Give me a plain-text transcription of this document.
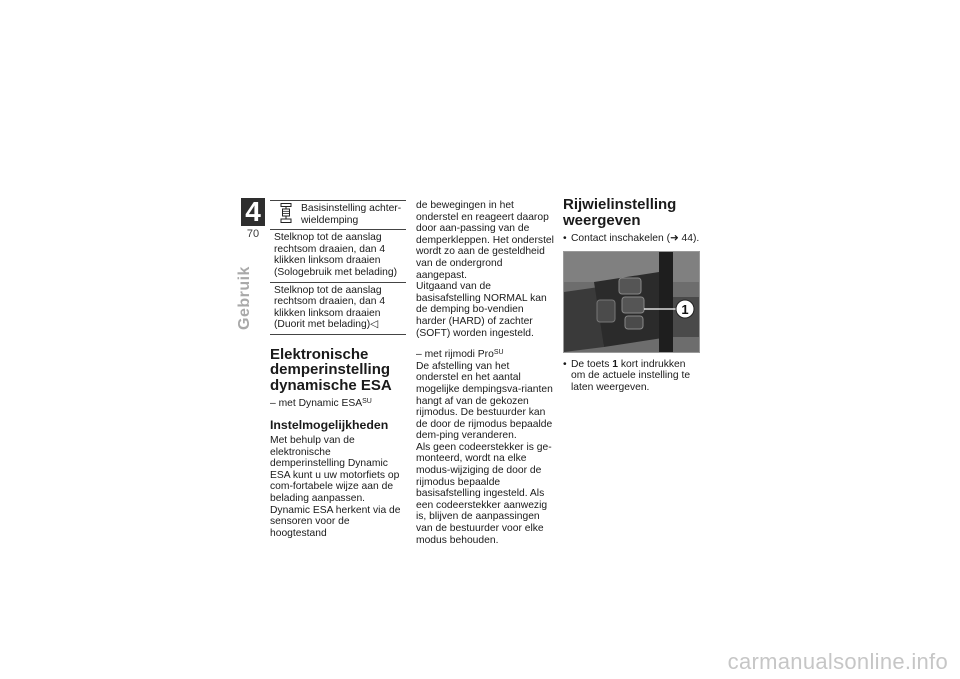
4
70
Gebruik
Basisinstelling achter-wieldemping

Stelknop tot de aanslag rechtsom draaien, dan 4 klikken linksom draaien (Sologebruik met belading)
Stelknop tot de aanslag rechtsom draaien, dan 4 klikken linksom draaien (Duorit met belading)◁
Elektronische demperinstelling dynamische ESA

– met Dynamic $ESA^{SU}$

Instelmogelijkheden

Met behulp van de elektronische demperinstelling Dynamic ESA kunt u uw motorfiets op com-fortabele wijze aan de belading aanpassen.

Dynamic ESA herkent via de sensoren voor de hoogtestand

de bewegingen in het onderstel en reageert daarop door aan-passing van de demperkleppen. Het onderstel wordt zo aan de gesteldheid van de ondergrond aangepast.

Uitgaand van de basisafstelling NORMAL kan de demping bo-vendien harder (HARD) of zachter (SOFT) worden ingesteld.

– met rijmodi Pro$^{SU}$

De afstelling van het onderstel en het aantal mogelijke dempingsva-rianten hangt af van de gekozen rijmodus. De bestuurder kan de door de rijmodus bepaalde dem-ping veranderen.

Als geen codeerstekker is ge-monteerd, wordt na elke modus-wijziging de door de rijmodus bepaalde basisafstelling ingesteld. Als een codeerstekker aanwezig is, blijven de aanpassingen van de bestuurder voor elke modus behouden.

Rijwielinstelling weergeven
• Contact inschakelen (➜ 44).
1
• De toets 1 kort indrukken om de actuele instelling te laten weergeven.
carmanualsonline.info
